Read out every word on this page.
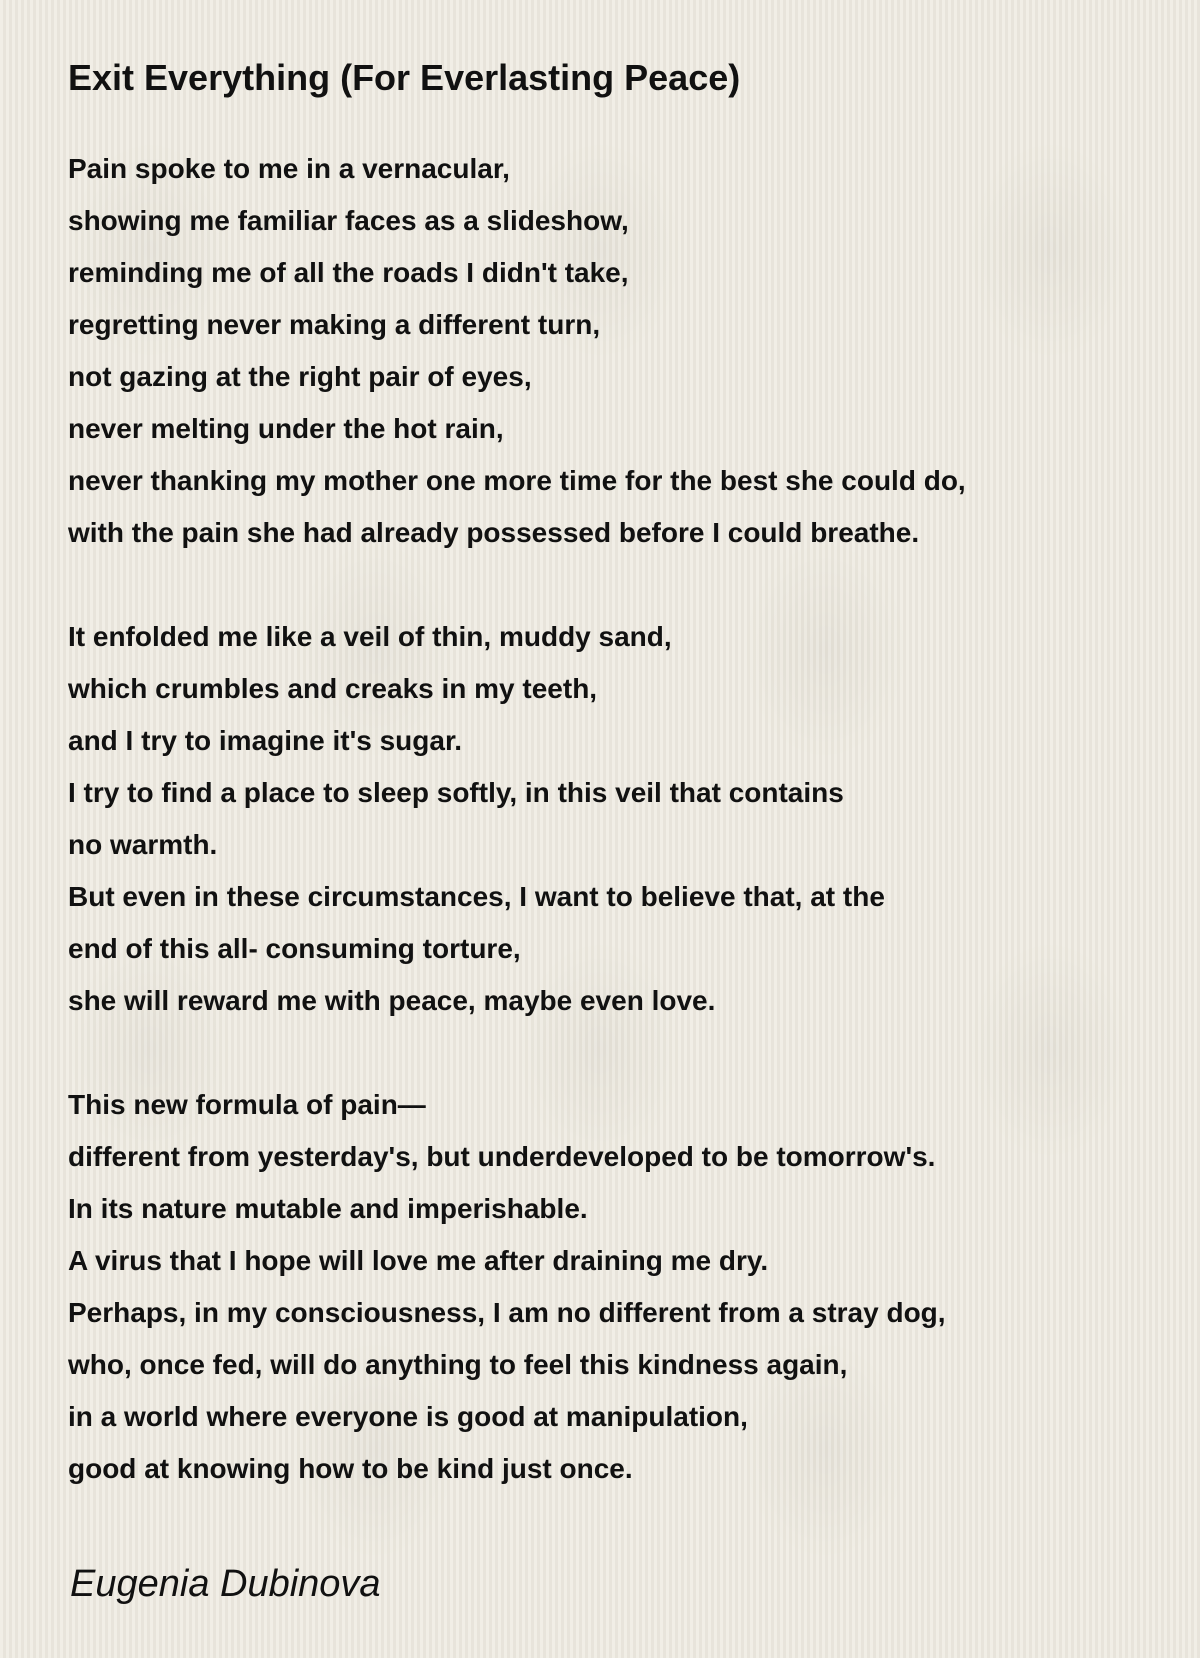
Exit Everything (For Everlasting Peace)
Pain spoke to me in a vernacular,
showing me familiar faces as a slideshow,
reminding me of all the roads I didn't take,
regretting never making a different turn,
not gazing at the right pair of eyes,
never melting under the hot rain,
never thanking my mother one more time for the best she could do,
with the pain she had already possessed before I could breathe.
It enfolded me like a veil of thin, muddy sand,
which crumbles and creaks in my teeth,
and I try to imagine it's sugar.
I try to find a place to sleep softly, in this veil that contains
no warmth.
But even in these circumstances, I want to believe that, at the
end of this all- consuming torture,
she will reward me with peace, maybe even love.
This new formula of pain—
different from yesterday's, but underdeveloped to be tomorrow's.
In its nature mutable and imperishable.
A virus that I hope will love me after draining me dry.
Perhaps, in my consciousness, I am no different from a stray dog,
who, once fed, will do anything to feel this kindness again,
in a world where everyone is good at manipulation,
good at knowing how to be kind just once.
Eugenia Dubinova
